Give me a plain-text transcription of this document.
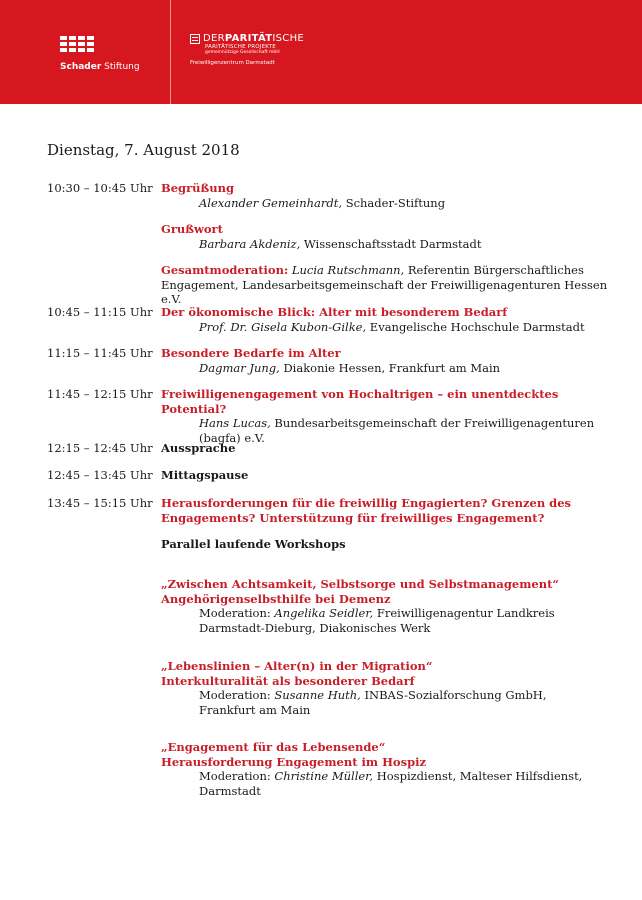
Schader Stiftung
DER PARITÄT ISCHE
PARITÄTISCHE PROJEKTE
gemeinnützige Gesellschaft mbH
Freiwilligenzentrum Darmstadt
Dienstag, 7. August 2018
10:30 – 10:45 Uhr Begrüßung
Alexander Gemeinhardt, Schader-Stiftung
Grußwort
Barbara Akdeniz, Wissenschaftsstadt Darmstadt
Gesamtmoderation: Lucia Rutschmann, Referentin Bürgerschaftliches
Engagement, Landesarbeitsgemeinschaft der Freiwilligenagenturen Hessen e.V.
10:45 – 11:15 Uhr Der ökonomische Blick: Alter mit besonderem Bedarf
Prof. Dr. Gisela Kubon-Gilke, Evangelische Hochschule Darmstadt
11:15 – 11:45 Uhr Besondere Bedarfe im Alter
Dagmar Jung, Diakonie Hessen, Frankfurt am Main
11:45 – 12:15 Uhr Freiwilligenengagement von Hochaltrigen – ein unentdecktes Potential?
Hans Lucas, Bundesarbeitsgemeinschaft der Freiwilligenagenturen
(bagfa) e.V.
12:15 – 12:45 Uhr Aussprache
12:45 – 13:45 Uhr Mittagspause
13:45 – 15:15 Uhr Herausforderungen für die freiwillig Engagierten? Grenzen des
Engagements? Unterstützung für freiwilliges Engagement?
Parallel laufende Workshops
„Zwischen Achtsamkeit, Selbstsorge und Selbstmanagement“
Angehörigenselbsthilfe bei Demenz
Moderation: Angelika Seidler, Freiwilligenagentur Landkreis
Darmstadt-Dieburg, Diakonisches Werk
„Lebenslinien – Alter(n) in der Migration“
Interkulturalität als besonderer Bedarf
Moderation: Susanne Huth, INBAS-Sozialforschung GmbH,
Frankfurt am Main
„Engagement für das Lebensende“
Herausforderung Engagement im Hospiz
Moderation: Christine Müller, Hospizdienst, Malteser Hilfsdienst,
Darmstadt
